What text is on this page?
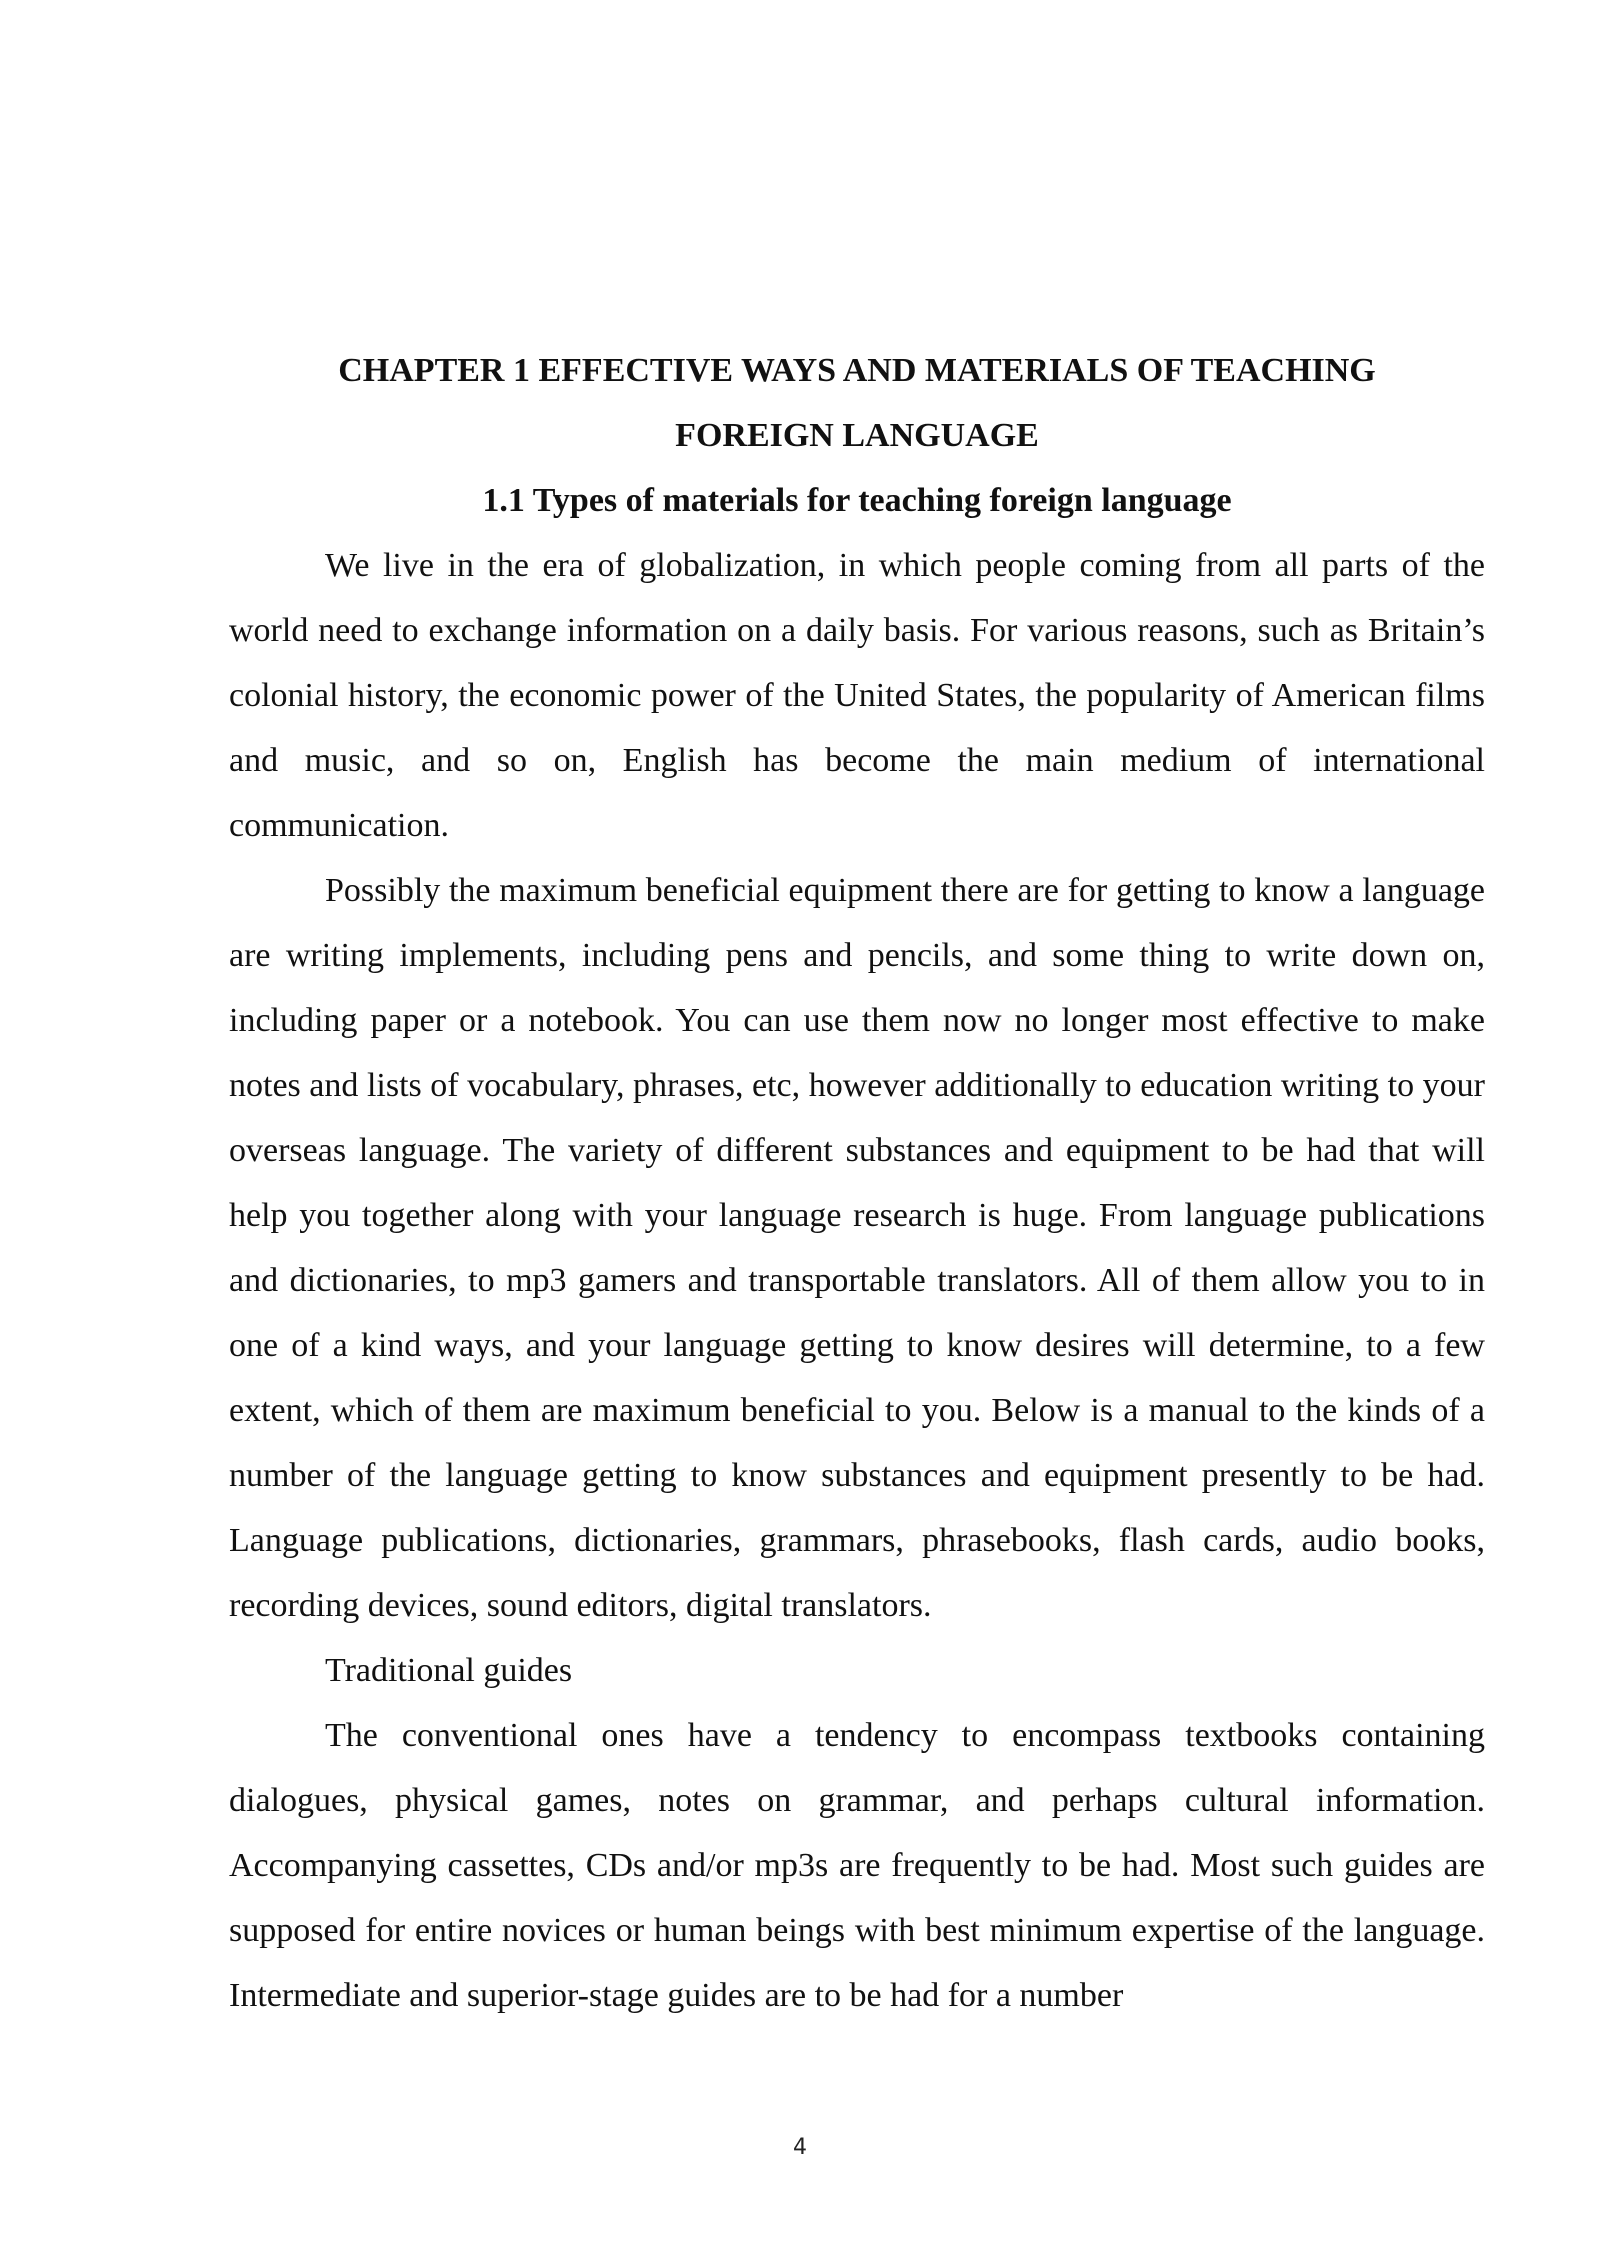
CHAPTER 1 EFFECTIVE WAYS AND MATERIALS OF TEACHING
FOREIGN LANGUAGE
1.1 Types of materials for teaching foreign language

We live in the era of globalization, in which people coming from all parts of the world need to exchange information on a daily basis. For various reasons, such as Britain’s colonial history, the economic power of the United States, the popularity of American films and music, and so on, English has become the main medium of international communication.

Possibly the maximum beneficial equipment there are for getting to know a language are writing implements, including pens and pencils, and some thing to write down on, including paper or a notebook. You can use them now no longer most effective to make notes and lists of vocabulary, phrases, etc, however additionally to education writing to your overseas language. The variety of different substances and equipment to be had that will help you together along with your language research is huge. From language publications and dictionaries, to mp3 gamers and transportable translators. All of them allow you to in one of a kind ways, and your language getting to know desires will determine, to a few extent, which of them are maximum beneficial to you. Below is a manual to the kinds of a number of the language getting to know substances and equipment presently to be had. Language publications, dictionaries, grammars, phrasebooks, flash cards, audio books, recording devices, sound editors, digital translators.

Traditional guides

The conventional ones have a tendency to encompass textbooks containing dialogues, physical games, notes on grammar, and perhaps cultural information. Accompanying cassettes, CDs and/or mp3s are frequently to be had. Most such guides are supposed for entire novices or human beings with best minimum expertise of the language. Intermediate and superior-stage guides are to be had for a number

4
